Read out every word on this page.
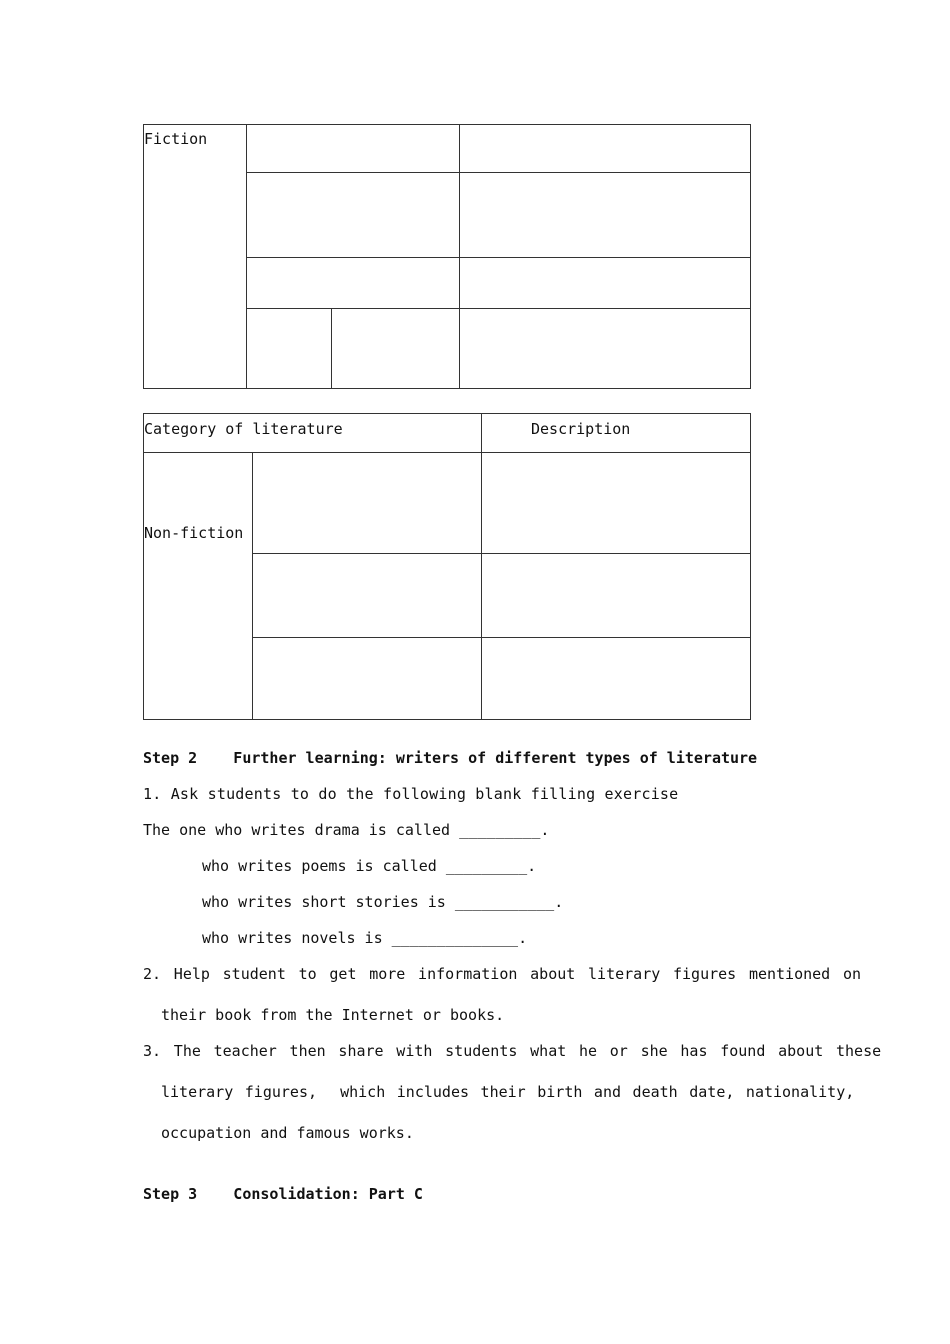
Fiction
Category of literature	Description
Non-fiction
Step 2    Further learning: writers of different types of literature
1. Ask students to do the following blank filling exercise
The one who writes drama is called _________.
who writes poems is called _________.
who writes short stories is ___________.
who writes novels is ______________.
2. Help student to get more information about literary figures mentioned on
their book from the Internet or books.
3. The teacher then share with students what he or she has found about these
literary figures,  which includes their birth and death date, nationality,
occupation and famous works.
Step 3    Consolidation: Part C
